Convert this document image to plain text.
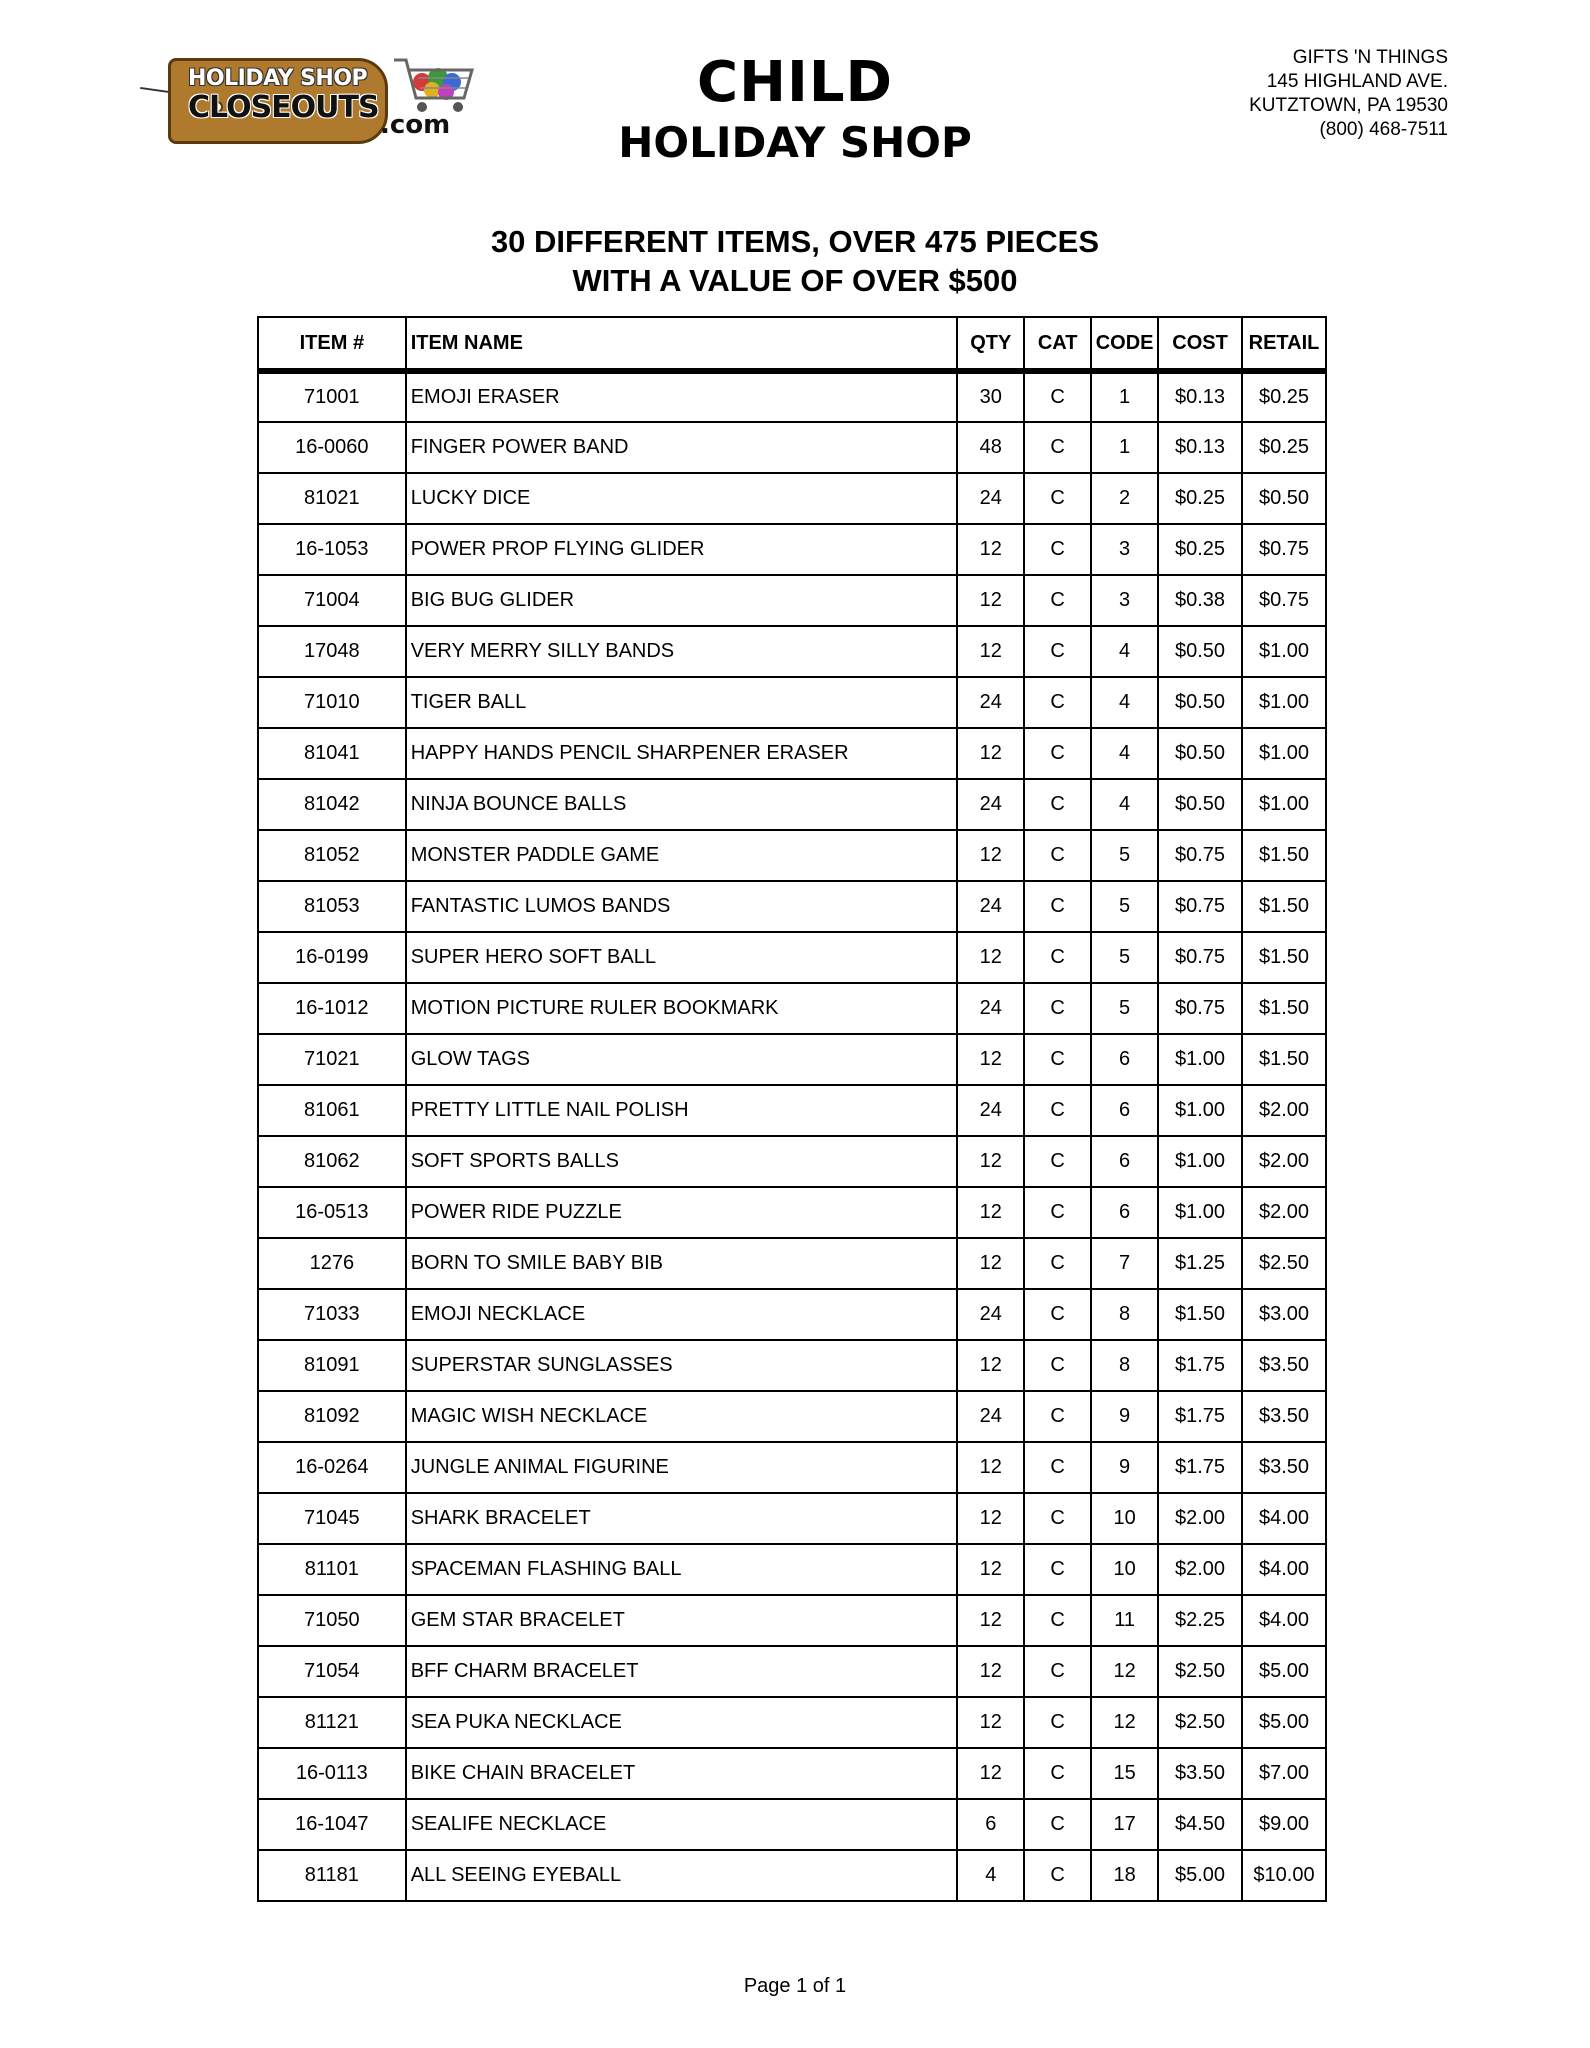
HOLIDAY SHOP
CLOSEOUTS .com
CHILD
HOLIDAY SHOP
GIFTS 'N THINGS
145 HIGHLAND AVE.
KUTZTOWN, PA 19530
(800) 468-7511
30 DIFFERENT ITEMS, OVER 475 PIECES
WITH A VALUE OF OVER $500
ITEM #	ITEM NAME	QTY	CAT	CODE	COST	RETAIL
71001	EMOJI ERASER	30	C	1	$0.13	$0.25
16-0060	FINGER POWER BAND	48	C	1	$0.13	$0.25
81021	LUCKY DICE	24	C	2	$0.25	$0.50
16-1053	POWER PROP FLYING GLIDER	12	C	3	$0.25	$0.75
71004	BIG BUG GLIDER	12	C	3	$0.38	$0.75
17048	VERY MERRY SILLY BANDS	12	C	4	$0.50	$1.00
71010	TIGER BALL	24	C	4	$0.50	$1.00
81041	HAPPY HANDS PENCIL SHARPENER ERASER	12	C	4	$0.50	$1.00
81042	NINJA BOUNCE BALLS	24	C	4	$0.50	$1.00
81052	MONSTER PADDLE GAME	12	C	5	$0.75	$1.50
81053	FANTASTIC LUMOS BANDS	24	C	5	$0.75	$1.50
16-0199	SUPER HERO SOFT BALL	12	C	5	$0.75	$1.50
16-1012	MOTION PICTURE RULER BOOKMARK	24	C	5	$0.75	$1.50
71021	GLOW TAGS	12	C	6	$1.00	$1.50
81061	PRETTY LITTLE NAIL POLISH	24	C	6	$1.00	$2.00
81062	SOFT SPORTS BALLS	12	C	6	$1.00	$2.00
16-0513	POWER RIDE PUZZLE	12	C	6	$1.00	$2.00
1276	BORN TO SMILE BABY BIB	12	C	7	$1.25	$2.50
71033	EMOJI NECKLACE	24	C	8	$1.50	$3.00
81091	SUPERSTAR SUNGLASSES	12	C	8	$1.75	$3.50
81092	MAGIC WISH NECKLACE	24	C	9	$1.75	$3.50
16-0264	JUNGLE ANIMAL FIGURINE	12	C	9	$1.75	$3.50
71045	SHARK BRACELET	12	C	10	$2.00	$4.00
81101	SPACEMAN FLASHING BALL	12	C	10	$2.00	$4.00
71050	GEM STAR BRACELET	12	C	11	$2.25	$4.00
71054	BFF CHARM BRACELET	12	C	12	$2.50	$5.00
81121	SEA PUKA NECKLACE	12	C	12	$2.50	$5.00
16-0113	BIKE CHAIN BRACELET	12	C	15	$3.50	$7.00
16-1047	SEALIFE NECKLACE	6	C	17	$4.50	$9.00
81181	ALL SEEING EYEBALL	4	C	18	$5.00	$10.00
Page 1 of 1
